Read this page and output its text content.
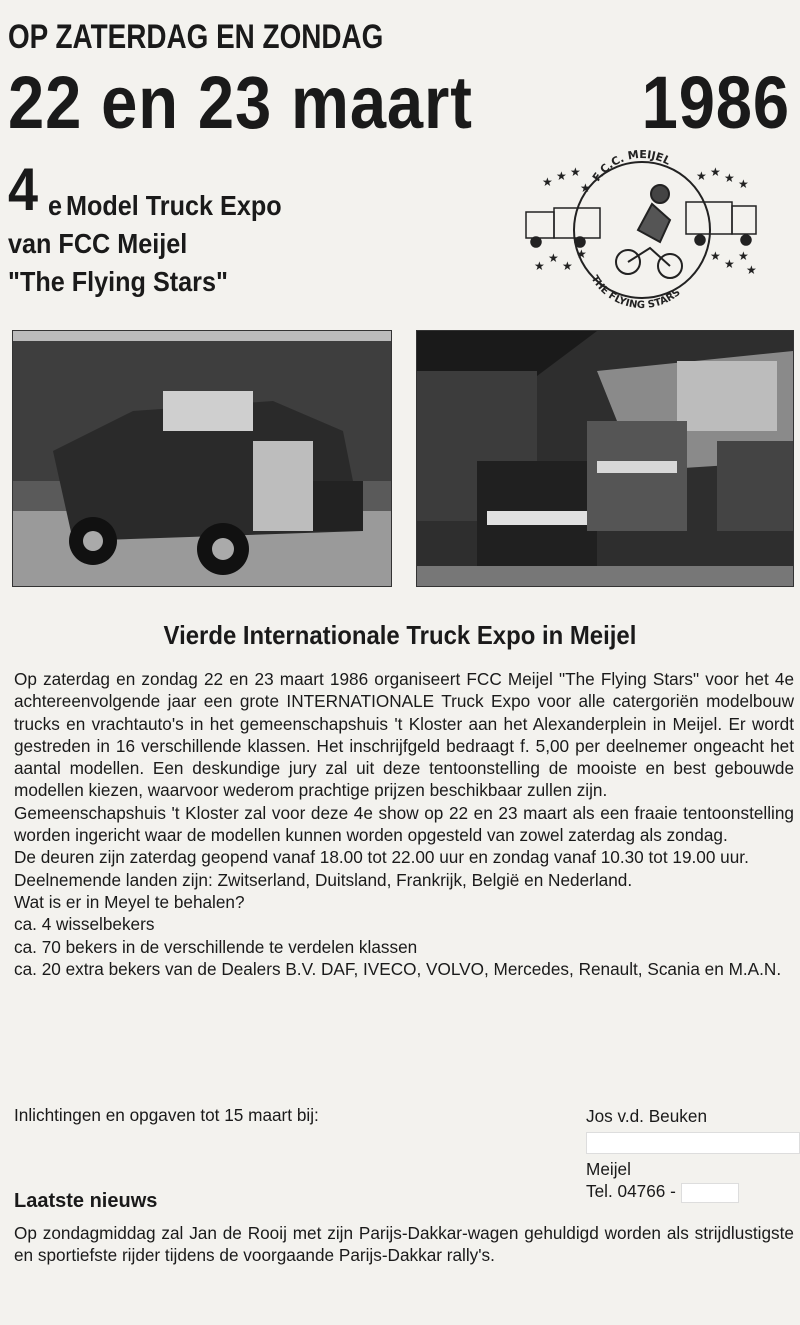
OP ZATERDAG EN ZONDAG
22 en 23 maart 1986
4 e Model Truck Expo
van FCC Meijel
"The Flying Stars"
F.C.C. MEIJEL
THE FLYING STARS
★ ★ ★
★
★ ★ ★ ★
★
★
★
★	★
★
★
★
Vierde Internationale Truck Expo in Meijel

Op zaterdag en zondag 22 en 23 maart 1986 organiseert FCC Meijel "The Flying Stars" voor het 4e achtereenvolgende jaar een grote INTERNATIONALE Truck Expo voor alle catergoriën modelbouw trucks en vrachtauto's in het gemeenschapshuis 't Kloster aan het Alexanderplein in Meijel. Er wordt gestreden in 16 verschillende klassen. Het inschrijfgeld bedraagt f. 5,00 per deelnemer ongeacht het aantal modellen. Een deskundige jury zal uit deze tentoonstelling de mooiste en best gebouwde modellen kiezen, waarvoor wederom prachtige prijzen beschikbaar zullen zijn.

Gemeenschapshuis 't Kloster zal voor deze 4e show op 22 en 23 maart als een fraaie tentoonstelling worden ingericht waar de modellen kunnen worden opgesteld van zowel zaterdag als zondag.

De deuren zijn zaterdag geopend vanaf 18.00 tot 22.00 uur en zondag vanaf 10.30 tot 19.00 uur.

Deelnemende landen zijn: Zwitserland, Duitsland, Frankrijk, België en Nederland.

Wat is er in Meyel te behalen?

ca. 4 wisselbekers

ca. 70 bekers in de verschillende te verdelen klassen

ca. 20 extra bekers van de Dealers B.V. DAF, IVECO, VOLVO, Mercedes, Renault, Scania en M.A.N.

Inlichtingen en opgaven tot 15 maart bij:	Jos v.d. Beuken
Meijel
Tel. 04766 -
Laatste nieuws

Op zondagmiddag zal Jan de Rooij met zijn Parijs-Dakkar-wagen gehuldigd worden als strijdlustigste en sportiefste rijder tijdens de voorgaande Parijs-Dakkar rally's.
